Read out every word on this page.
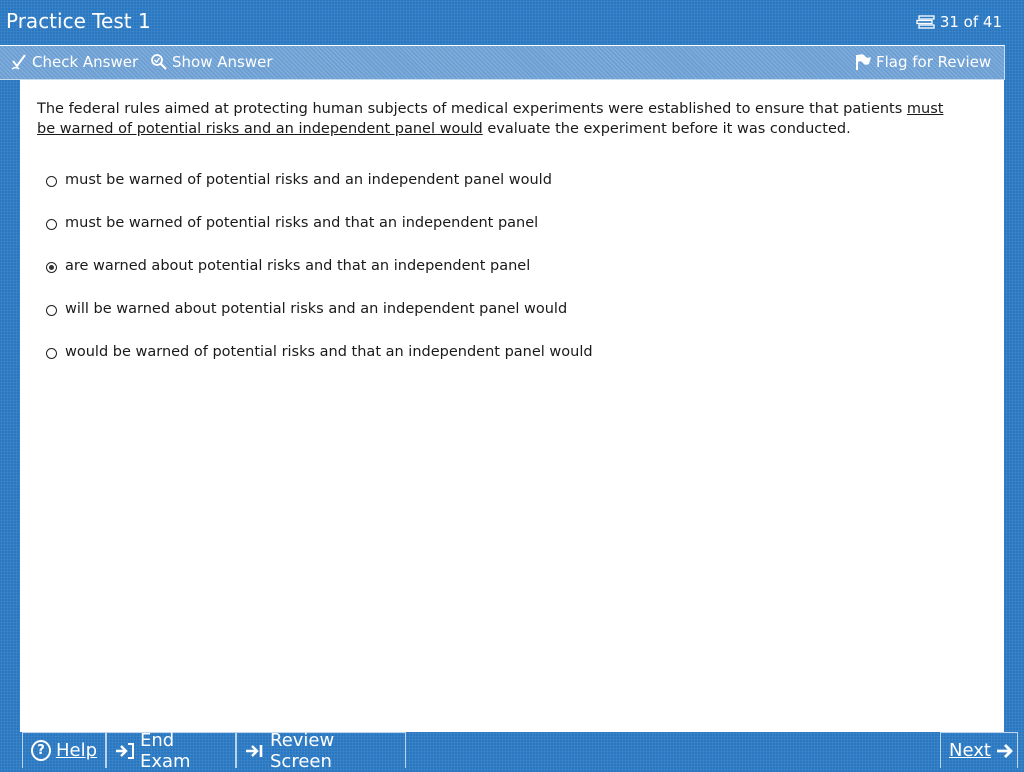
Practice Test 1	31 of 41
Check Answer Show Answer	Flag for Review
The federal rules aimed at protecting human subjects of medical experiments were established to ensure that patients must be warned of potential risks and an independent panel would evaluate the experiment before it was conducted.
must be warned of potential risks and an independent panel would
must be warned of potential risks and that an independent panel
are warned about potential risks and that an independent panel
will be warned about potential risks and an independent panel would
would be warned of potential risks and that an independent panel would
? Help End Exam
Review Screen	Next
